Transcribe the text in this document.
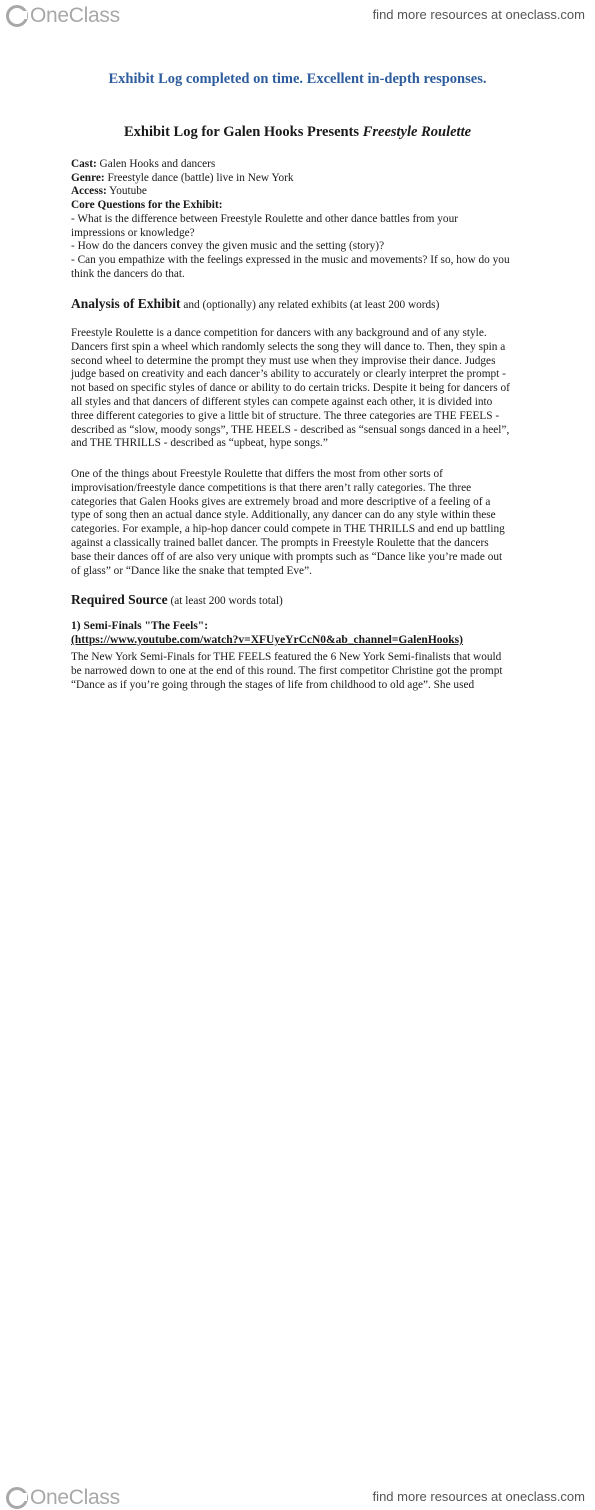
OneClass	find more resources at oneclass.com
Exhibit Log completed on time. Excellent in-depth responses.
Exhibit Log for Galen Hooks Presents Freestyle Roulette
Cast: Galen Hooks and dancers
Genre: Freestyle dance (battle) live in New York
Access: Youtube
Core Questions for the Exhibit:
- What is the difference between Freestyle Roulette and other dance battles from your
impressions or knowledge?
- How do the dancers convey the given music and the setting (story)?
- Can you empathize with the feelings expressed in the music and movements? If so, how do you
think the dancers do that.
Analysis of Exhibit and (optionally) any related exhibits (at least 200 words)
Freestyle Roulette is a dance competition for dancers with any background and of any style.
Dancers first spin a wheel which randomly selects the song they will dance to. Then, they spin a
second wheel to determine the prompt they must use when they improvise their dance. Judges
judge based on creativity and each dancer’s ability to accurately or clearly interpret the prompt -
not based on specific styles of dance or ability to do certain tricks. Despite it being for dancers of
all styles and that dancers of different styles can compete against each other, it is divided into
three different categories to give a little bit of structure. The three categories are THE FEELS -
described as “slow, moody songs”, THE HEELS - described as “sensual songs danced in a heel”,
and THE THRILLS - described as “upbeat, hype songs.”
One of the things about Freestyle Roulette that differs the most from other sorts of
improvisation/freestyle dance competitions is that there aren’t rally categories. The three
categories that Galen Hooks gives are extremely broad and more descriptive of a feeling of a
type of song then an actual dance style. Additionally, any dancer can do any style within these
categories. For example, a hip-hop dancer could compete in THE THRILLS and end up battling
against a classically trained ballet dancer. The prompts in Freestyle Roulette that the dancers
base their dances off of are also very unique with prompts such as “Dance like you’re made out
of glass” or “Dance like the snake that tempted Eve”.
Required Source (at least 200 words total)
1) Semi-Finals "The Feels":
(https://www.youtube.com/watch?v=XFUyeYrCcN0&ab_channel=GalenHooks)
The New York Semi-Finals for THE FEELS featured the 6 New York Semi-finalists that would
be narrowed down to one at the end of this round. The first competitor Christine got the prompt
“Dance as if you’re going through the stages of life from childhood to old age”. She used
OneClass	find more resources at oneclass.com
